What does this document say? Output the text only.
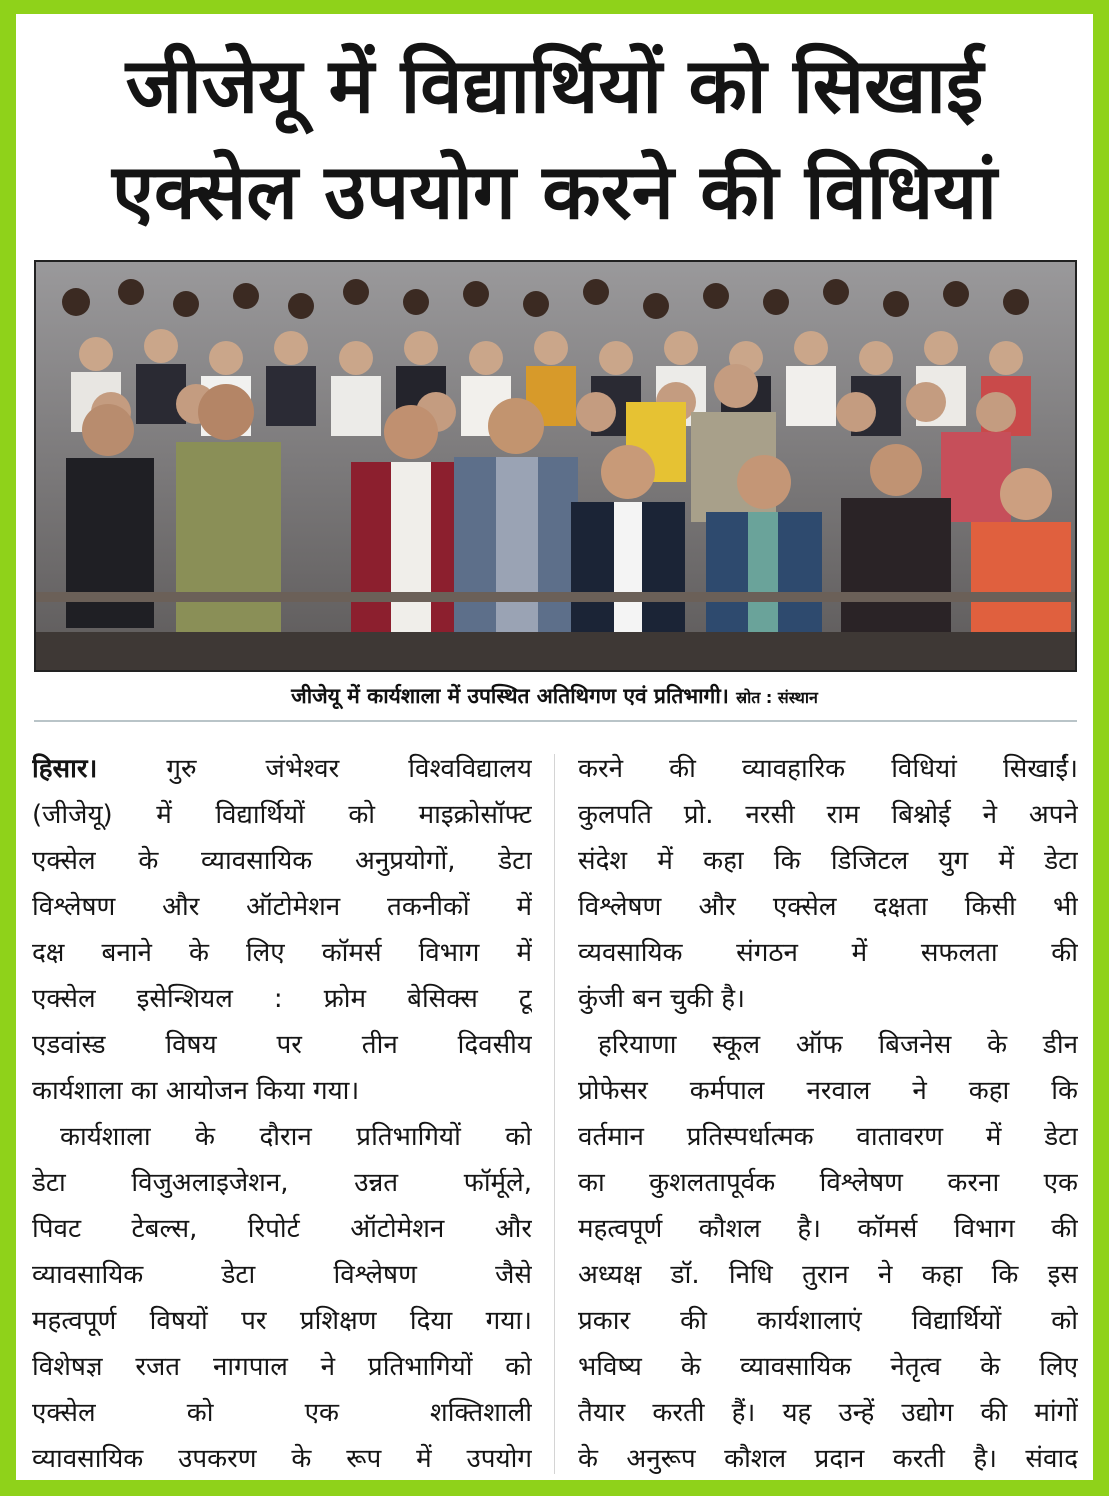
जीजेयू में विद्यार्थियों को सिखाई
एक्सेल उपयोग करने की विधियां
जीजेयू में कार्यशाला में उपस्थित अतिथिगण एवं प्रतिभागी। स्रोत : संस्थान
हिसार। गुरु जंभेश्वर विश्वविद्यालय
(जीजेयू) में विद्यार्थियों को माइक्रोसॉफ्ट
एक्सेल के व्यावसायिक अनुप्रयोगों, डेटा
विश्लेषण और ऑटोमेशन तकनीकों में
दक्ष बनाने के लिए कॉमर्स विभाग में
एक्सेल इसेन्शियल : फ्रोम बेसिक्स टू
एडवांस्ड विषय पर तीन दिवसीय
कार्यशाला का आयोजन किया गया।
कार्यशाला के दौरान प्रतिभागियों को
डेटा विजुअलाइजेशन, उन्नत फॉर्मूले,
पिवट टेबल्स, रिपोर्ट ऑटोमेशन और
व्यावसायिक डेटा विश्लेषण जैसे
महत्वपूर्ण विषयों पर प्रशिक्षण दिया गया।
विशेषज्ञ रजत नागपाल ने प्रतिभागियों को
एक्सेल को एक शक्तिशाली
व्यावसायिक उपकरण के रूप में उपयोग
करने की व्यावहारिक विधियां सिखाईं।
कुलपति प्रो. नरसी राम बिश्नोई ने अपने
संदेश में कहा कि डिजिटल युग में डेटा
विश्लेषण और एक्सेल दक्षता किसी भी
व्यवसायिक संगठन में सफलता की
कुंजी बन चुकी है।
हरियाणा स्कूल ऑफ बिजनेस के डीन
प्रोफेसर कर्मपाल नरवाल ने कहा कि
वर्तमान प्रतिस्पर्धात्मक वातावरण में डेटा
का कुशलतापूर्वक विश्लेषण करना एक
महत्वपूर्ण कौशल है। कॉमर्स विभाग की
अध्यक्ष डॉ. निधि तुरान ने कहा कि इस
प्रकार की कार्यशालाएं विद्यार्थियों को
भविष्य के व्यावसायिक नेतृत्व के लिए
तैयार करती हैं। यह उन्हें उद्योग की मांगों
के अनुरूप कौशल प्रदान करती है। संवाद
